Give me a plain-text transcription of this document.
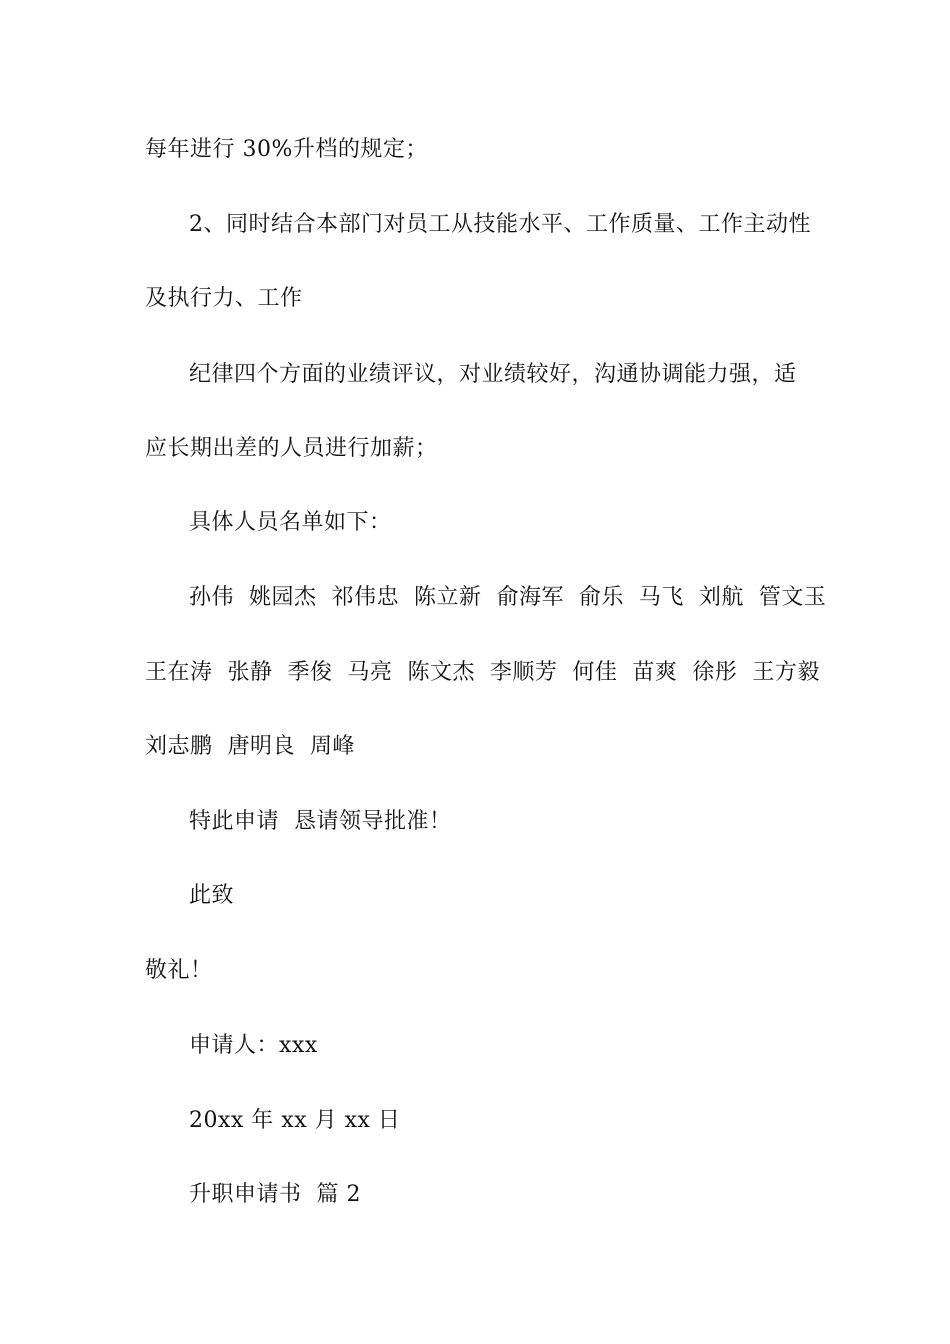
每年进行 30%升档的规定；
2、同时结合本部门对员工从技能水平、工作质量、工作主动性
及执行力、工作
纪律四个方面的业绩评议，对业绩较好，沟通协调能力强，适
应长期出差的人员进行加薪；
具体人员名单如下：
孙伟  姚园杰  祁伟忠  陈立新  俞海军  俞乐  马飞  刘航  管文玉
王在涛  张静  季俊  马亮  陈文杰  李顺芳  何佳  苗爽  徐彤  王方毅
刘志鹏  唐明良  周峰
特此申请  恳请领导批准！
此致
敬礼！
申请人：xxx
20xx 年 xx 月 xx 日
升职申请书  篇 2
